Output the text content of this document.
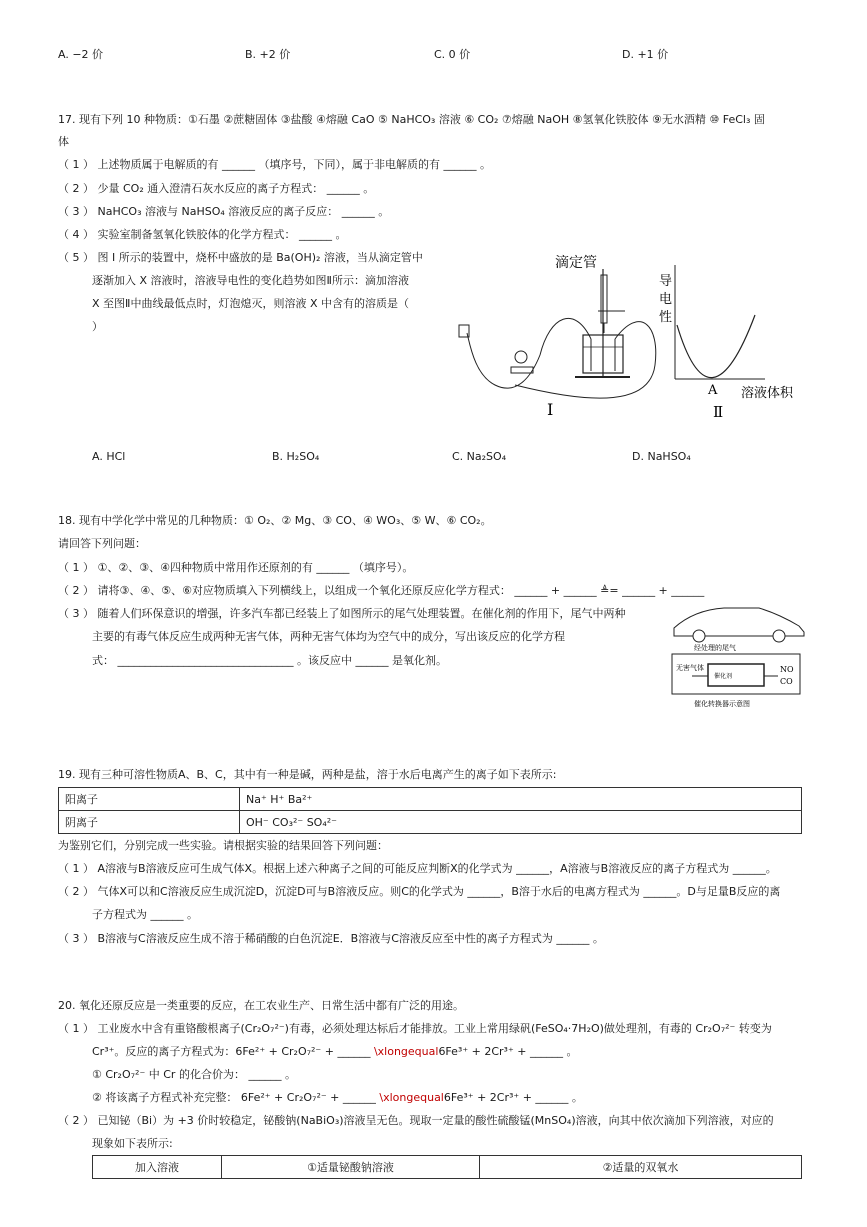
A. −2 价	B. +2 价	C. 0 价	D. +1 价
17. 现有下列 10 种物质：①石墨 ②蔗糖固体 ③盐酸 ④熔融 CaO ⑤ NaHCO₃ 溶液 ⑥ CO₂ ⑦熔融 NaOH ⑧氢氧化铁胶体 ⑨无水酒精 ⑩ FeCl₃ 固
体
（ 1 ） 上述物质属于电解质的有 ______ （填序号，下同），属于非电解质的有 ______ 。
（ 2 ） 少量 CO₂ 通入澄清石灰水反应的离子方程式： ______ 。
（ 3 ） NaHCO₃ 溶液与 NaHSO₄ 溶液反应的离子反应： ______ 。
（ 4 ） 实验室制备氢氧化铁胶体的化学方程式： ______ 。
（ 5 ） 图 I 所示的装置中，烧杯中盛放的是 Ba(OH)₂ 溶液，当从滴定管中
逐渐加入 X 溶液时，溶液导电性的变化趋势如图Ⅱ所示：滴加溶液
X 至图Ⅱ中曲线最低点时，灯泡熄灭，则溶液 X 中含有的溶质是（
）
滴定管
I
导
电
性
A 溶液体积
Ⅱ
A. HCl	B. H₂SO₄	C. Na₂SO₄	D. NaHSO₄
18. 现有中学化学中常见的几种物质：① O₂、② Mg、③ CO、④ WO₃、⑤ W、⑥ CO₂。
请回答下列问题：
（ 1 ） ①、②、③、④四种物质中常用作还原剂的有 ______ （填序号）。
（ 2 ） 请将③、④、⑤、⑥对应物质填入下列横线上，以组成一个氧化还原反应化学方程式： ______ + ______ ≜= ______ + ______
（ 3 ） 随着人们环保意识的增强，许多汽车都已经装上了如图所示的尾气处理装置。在催化剂的作用下，尾气中两种
主要的有毒气体反应生成两种无害气体，两种无害气体均为空气中的成分，写出该反应的化学方程
式： ________________________________ 。该反应中 ______ 是氧化剂。
经处理的尾气
催化剂
无害气体	NO
CO
催化转换器示意图
19. 现有三种可溶性物质A、B、C，其中有一种是碱，两种是盐，溶于水后电离产生的离子如下表所示:
阳离子	Na⁺ H⁺ Ba²⁺
阴离子	OH⁻ CO₃²⁻ SO₄²⁻
为鉴别它们，分别完成一些实验。请根据实验的结果回答下列问题：
（ 1 ） A溶液与B溶液反应可生成气体X。根据上述六种离子之间的可能反应判断X的化学式为 ______，A溶液与B溶液反应的离子方程式为 ______。
（ 2 ） 气体X可以和C溶液反应生成沉淀D，沉淀D可与B溶液反应。则C的化学式为 ______，B溶于水后的电离方程式为 ______。D与足量B反应的离
子方程式为 ______ 。
（ 3 ） B溶液与C溶液反应生成不溶于稀硝酸的白色沉淀E．B溶液与C溶液反应至中性的离子方程式为 ______ 。
20. 氧化还原反应是一类重要的反应，在工农业生产、日常生活中都有广泛的用途。
（ 1 ） 工业废水中含有重铬酸根离子(Cr₂O₇²⁻)有毒，必须处理达标后才能排放。工业上常用绿矾(FeSO₄·7H₂O)做处理剂，有毒的 Cr₂O₇²⁻ 转变为
Cr³⁺。反应的离子方程式为：6Fe²⁺ + Cr₂O₇²⁻ + ______ \xlongequal6Fe³⁺ + 2Cr³⁺ + ______ 。
① Cr₂O₇²⁻ 中 Cr 的化合价为： ______ 。
② 将该离子方程式补充完整： 6Fe²⁺ + Cr₂O₇²⁻ + ______ \xlongequal6Fe³⁺ + 2Cr³⁺ + ______ 。
（ 2 ） 已知铋（Bi）为 +3 价时较稳定，铋酸钠(NaBiO₃)溶液呈无色。现取一定量的酸性硫酸锰(MnSO₄)溶液，向其中依次滴加下列溶液，对应的
现象如下表所示:
加入溶液	①适量铋酸钠溶液	②适量的双氧水
